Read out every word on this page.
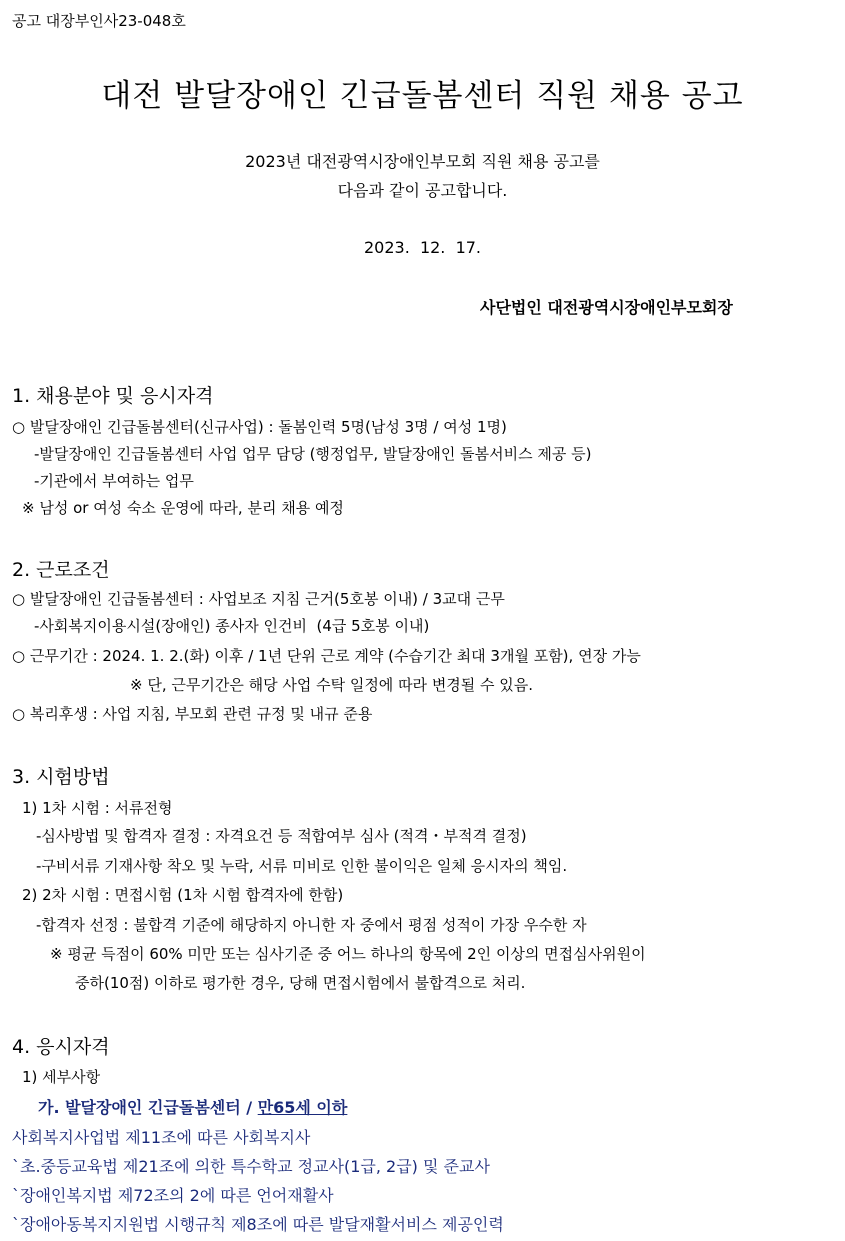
공고 대장부인사23-048호
대전 발달장애인 긴급돌봄센터 직원 채용 공고
2023년 대전광역시장애인부모회 직원 채용 공고를
다음과 같이 공고합니다.
2023.  12.  17.
사단법인 대전광역시장애인부모회장
1. 채용분야 및 응시자격
○ 발달장애인 긴급돌봄센터(신규사업) : 돌봄인력 5명(남성 3명 / 여성 1명)
-발달장애인 긴급돌봄센터 사업 업무 담당 (행정업무, 발달장애인 돌봄서비스 제공 등)
-기관에서 부여하는 업무
※ 남성 or 여성 숙소 운영에 따라, 분리 채용 예정
2. 근로조건
○ 발달장애인 긴급돌봄센터 : 사업보조 지침 근거(5호봉 이내) / 3교대 근무
-사회복지이용시설(장애인) 종사자 인건비  (4급 5호봉 이내)
○ 근무기간 : 2024. 1. 2.(화) 이후 / 1년 단위 근로 계약 (수습기간 최대 3개월 포함), 연장 가능
※ 단, 근무기간은 해당 사업 수탁 일정에 따라 변경될 수 있음.
○ 복리후생 : 사업 지침, 부모회 관련 규정 및 내규 준용
3. 시험방법
1) 1차 시험 : 서류전형
-심사방법 및 합격자 결정 : 자격요건 등 적합여부 심사 (적격・부적격 결정)
-구비서류 기재사항 착오 및 누락, 서류 미비로 인한 불이익은 일체 응시자의 책임.
2) 2차 시험 : 면접시험 (1차 시험 합격자에 한함)
-합격자 선정 : 불합격 기준에 해당하지 아니한 자 중에서 평점 성적이 가장 우수한 자
※ 평균 득점이 60% 미만 또는 심사기준 중 어느 하나의 항목에 2인 이상의 면접심사위원이
중하(10점) 이하로 평가한 경우, 당해 면접시험에서 불합격으로 처리.
4. 응시자격
1) 세부사항
가. 발달장애인 긴급돌봄센터 / 만65세 이하
사회복지사업법 제11조에 따른 사회복지사
`초.중등교육법 제21조에 의한 특수학교 정교사(1급, 2급) 및 준교사
`장애인복지법 제72조의 2에 따른 언어재활사
`장애아동복지지원법 시행규칙 제8조에 따른 발달재활서비스 제공인력
